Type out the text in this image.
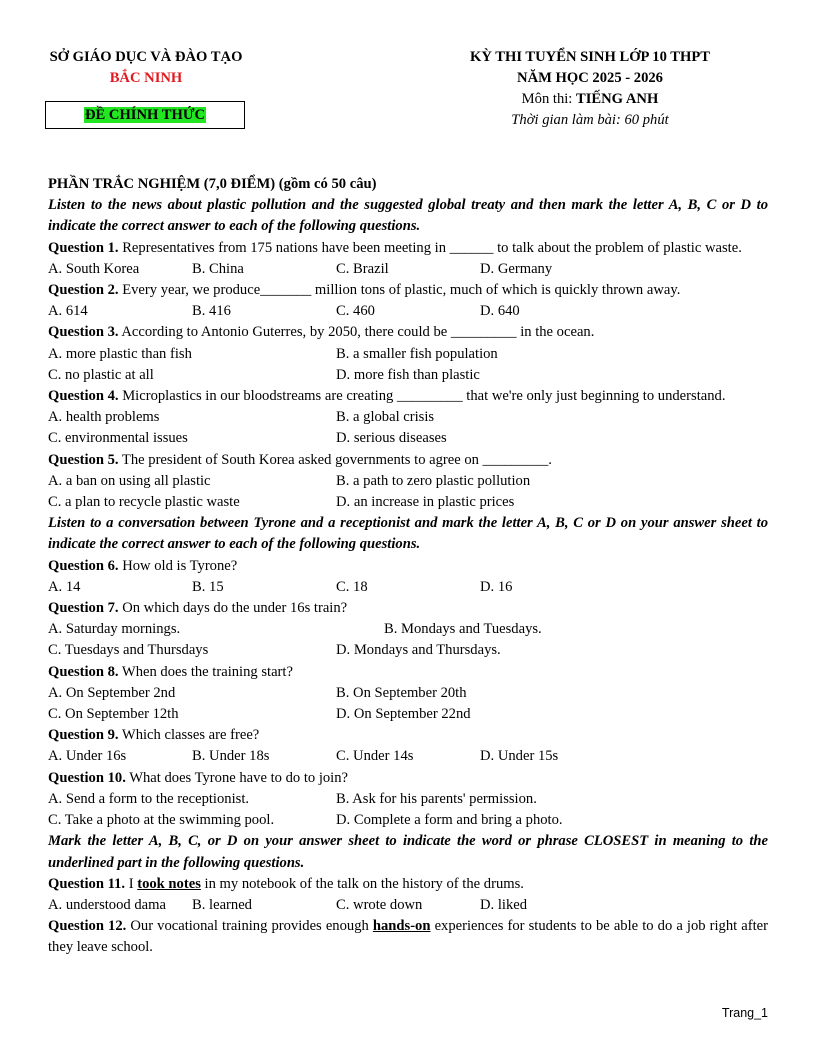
SỞ GIÁO DỤC VÀ ĐÀO TẠO
BẮC NINH
ĐỀ CHÍNH THỨC
KỲ THI TUYỂN SINH LỚP 10 THPT
NĂM HỌC 2025 - 2026
Môn thi: TIẾNG ANH
Thời gian làm bài: 60 phút
PHẦN TRẮC NGHIỆM (7,0 ĐIỂM) (gồm có 50 câu)
Listen to the news about plastic pollution and the suggested global treaty and then mark the letter A, B, C or D to indicate the correct answer to each of the following questions.
Question 1. Representatives from 175 nations have been meeting in ______ to talk about the problem of plastic waste.
A. South Korea	B. China	C. Brazil	D. Germany
Question 2. Every year, we produce_______ million tons of plastic, much of which is quickly thrown away.
A. 614	B. 416	C. 460	D. 640
Question 3. According to Antonio Guterres, by 2050, there could be _________ in the ocean.
A. more plastic than fish	B. a smaller fish population
C. no plastic at all	D. more fish than plastic
Question 4. Microplastics in our bloodstreams are creating _________ that we're only just beginning to understand.
A. health problems	B. a global crisis
C. environmental issues	D. serious diseases
Question 5. The president of South Korea asked governments to agree on _________.
A. a ban on using all plastic	B. a path to zero plastic pollution
C. a plan to recycle plastic waste	D. an increase in plastic prices
Listen to a conversation between Tyrone and a receptionist and mark the letter A, B, C or D on your answer sheet to indicate the correct answer to each of the following questions.
Question 6. How old is Tyrone?
A. 14	B. 15	C. 18	D. 16
Question 7. On which days do the under 16s train?
A. Saturday mornings.	B. Mondays and Tuesdays.
C. Tuesdays and Thursdays	D. Mondays and Thursdays.
Question 8. When does the training start?
A. On September 2nd	B. On September 20th
C. On September 12th	D. On September 22nd
Question 9. Which classes are free?
A. Under 16s	B. Under 18s	C. Under 14s	D. Under 15s
Question 10. What does Tyrone have to do to join?
A. Send a form to the receptionist.	B. Ask for his parents' permission.
C. Take a photo at the swimming pool.	D. Complete a form and bring a photo.
Mark the letter A, B, C, or D on your answer sheet to indicate the word or phrase CLOSEST in meaning to the underlined part in the following questions.
Question 11. I took notes in my notebook of the talk on the history of the drums.
A. understood dama	B. learned	C. wrote down	D. liked
Question 12. Our vocational training provides enough hands-on experiences for students to be able to do a job right after they leave school.
Trang_1
